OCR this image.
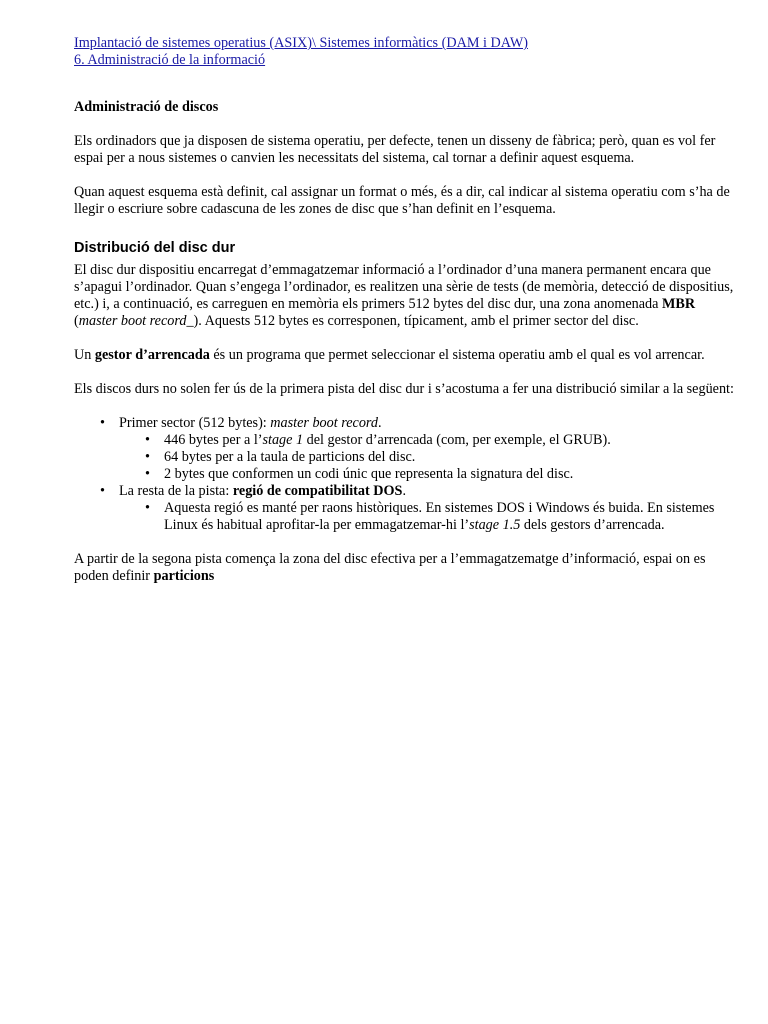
Implantació de sistemes operatius (ASIX)\ Sistemes informàtics (DAM i DAW)
6. Administració de la informació

Administració de discos

Els ordinadors que ja disposen de sistema operatiu, per defecte, tenen un disseny de fàbrica; però, quan es vol fer espai per a nous sistemes o canvien les necessitats del sistema, cal tornar a definir aquest esquema.

Quan aquest esquema està definit, cal assignar un format o més, és a dir, cal indicar al sistema operatiu com s’ha de llegir o escriure sobre cadascuna de les zones de disc que s’han definit en l’esquema.

Distribució del disc dur

El disc dur dispositiu encarregat d’emmagatzemar informació a l’ordinador d’una manera permanent encara que s’apagui l’ordinador. Quan s’engega l’ordinador, es realitzen una sèrie de tests (de memòria, detecció de dispositius, etc.) i, a continuació, es carreguen en memòria els primers 512 bytes del disc dur, una zona anomenada MBR (master boot record_). Aquests 512 bytes es corresponen, típicament, amb el primer sector del disc.

Un gestor d’arrencada és un programa que permet seleccionar el sistema operatiu amb el qual es vol arrencar.

Els discos durs no solen fer ús de la primera pista del disc dur i s’acostuma a fer una distribució similar a la següent:

• Primer sector (512 bytes): master boot record.
• 446 bytes per a l’stage 1 del gestor d’arrencada (com, per exemple, el GRUB).
• 64 bytes per a la taula de particions del disc.
• 2 bytes que conformen un codi únic que representa la signatura del disc.
• La resta de la pista: regió de compatibilitat DOS.
• Aquesta regió es manté per raons històriques. En sistemes DOS i Windows és buida. En sistemes Linux és habitual aprofitar-la per emmagatzemar-hi l’stage 1.5 dels gestors d’arrencada.

A partir de la segona pista comença la zona del disc efectiva per a l’emmagatzematge d’informació, espai on es poden definir particions
